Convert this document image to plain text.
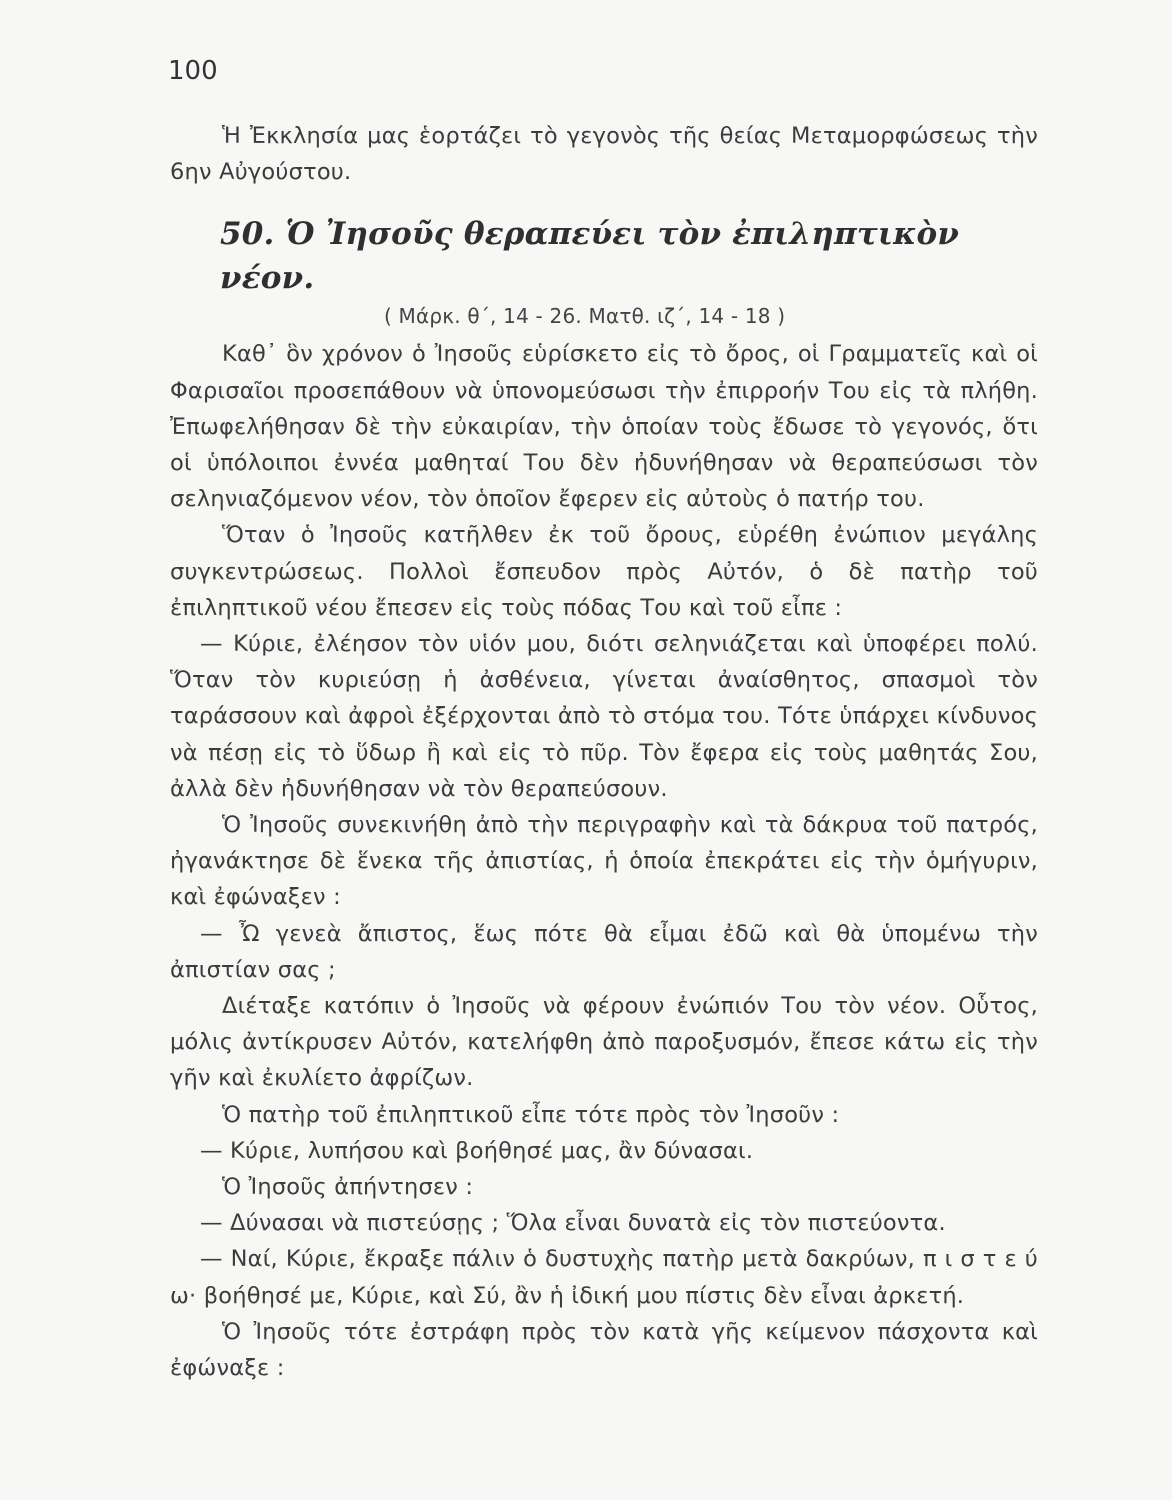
100

Ἡ Ἐκκλησία μας ἑορτάζει τὸ γεγονὸς τῆς θείας Μεταμορφώσεως τὴν 6ην Αὐγούστου.

50. Ὁ Ἰησοῦς θεραπεύει τὸν ἐπιληπτικὸν νέον.

( Μάρκ. θ΄, 14 - 26. Ματθ. ιζ΄, 14 - 18 )

Καθ᾽ ὃν χρόνον ὁ Ἰησοῦς εὑρίσκετο εἰς τὸ ὄρος, οἱ Γραμματεῖς καὶ οἱ Φαρισαῖοι προσεπάθουν νὰ ὑπονομεύσωσι τὴν ἐπιρροήν Του εἰς τὰ πλήθη. Ἐπωφελήθησαν δὲ τὴν εὐκαιρίαν, τὴν ὁποίαν τοὺς ἔδωσε τὸ γεγονός, ὅτι οἱ ὑπόλοιποι ἐννέα μαθηταί Του δὲν ἠδυνήθησαν νὰ θεραπεύσωσι τὸν σεληνιαζόμενον νέον, τὸν ὁποῖον ἔφερεν εἰς αὐτοὺς ὁ πατήρ του.

Ὅταν ὁ Ἰησοῦς κατῆλθεν ἐκ τοῦ ὄρους, εὑρέθη ἐνώπιον μεγάλης συγκεντρώσεως. Πολλοὶ ἔσπευδον πρὸς Αὐτόν, ὁ δὲ πατὴρ τοῦ ἐπιληπτικοῦ νέου ἔπεσεν εἰς τοὺς πόδας Του καὶ τοῦ εἶπε :

— Κύριε, ἐλέησον τὸν υἱόν μου, διότι σεληνιάζεται καὶ ὑποφέρει πολύ. Ὅταν τὸν κυριεύσῃ ἡ ἀσθένεια, γίνεται ἀναίσθητος, σπασμοὶ τὸν ταράσσουν καὶ ἀφροὶ ἐξέρχονται ἀπὸ τὸ στόμα του. Τότε ὑπάρχει κίνδυνος νὰ πέσῃ εἰς τὸ ὕδωρ ἢ καὶ εἰς τὸ πῦρ. Τὸν ἔφερα εἰς τοὺς μαθητάς Σου, ἀλλὰ δὲν ἠδυνήθησαν νὰ τὸν θεραπεύσουν.

Ὁ Ἰησοῦς συνεκινήθη ἀπὸ τὴν περιγραφὴν καὶ τὰ δάκρυα τοῦ πατρός, ἠγανάκτησε δὲ ἕνεκα τῆς ἀπιστίας, ἡ ὁποία ἐπεκράτει εἰς τὴν ὁμήγυριν, καὶ ἐφώναξεν :

— Ὦ γενεὰ ἄπιστος, ἕως πότε θὰ εἶμαι ἐδῶ καὶ θὰ ὑπομένω τὴν ἀπιστίαν σας ;

Διέταξε κατόπιν ὁ Ἰησοῦς νὰ φέρουν ἐνώπιόν Του τὸν νέον. Οὗτος, μόλις ἀντίκρυσεν Αὐτόν, κατελήφθη ἀπὸ παροξυσμόν, ἔπεσε κάτω εἰς τὴν γῆν καὶ ἐκυλίετο ἀφρίζων.

Ὁ πατὴρ τοῦ ἐπιληπτικοῦ εἶπε τότε πρὸς τὸν Ἰησοῦν :

— Κύριε, λυπήσου καὶ βοήθησέ μας, ἂν δύνασαι.

Ὁ Ἰησοῦς ἀπήντησεν :

— Δύνασαι νὰ πιστεύσῃς ; Ὅλα εἶναι δυνατὰ εἰς τὸν πιστεύοντα.

— Ναί, Κύριε, ἔκραξε πάλιν ὁ δυστυχὴς πατὴρ μετὰ δακρύων, π ι σ τ ε ύ ω· βοήθησέ με, Κύριε, καὶ Σύ, ἂν ἡ ἰδική μου πίστις δὲν εἶναι ἀρκετή.

Ὁ Ἰησοῦς τότε ἐστράφη πρὸς τὸν κατὰ γῆς κείμενον πάσχοντα καὶ ἐφώναξε :
